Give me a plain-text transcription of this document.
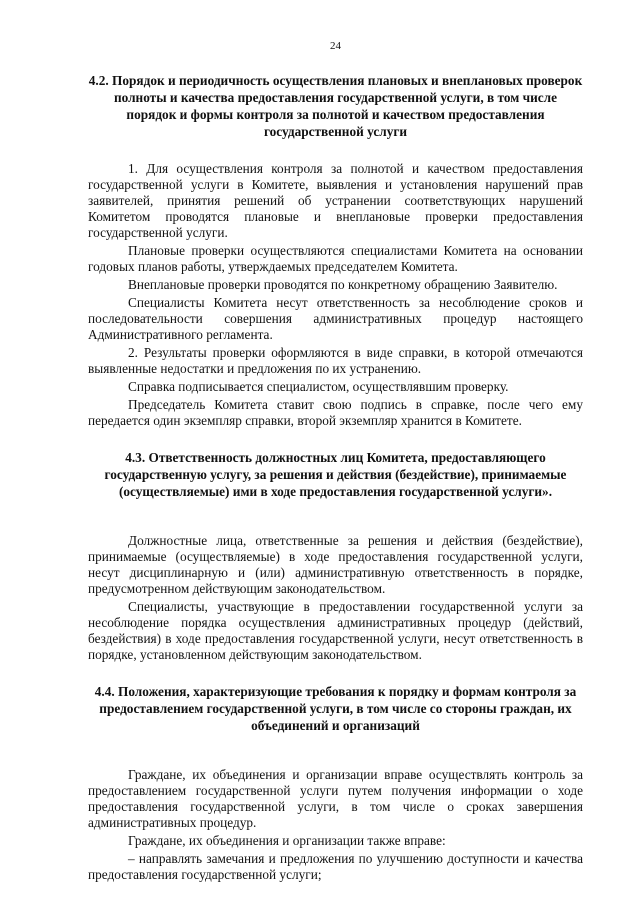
24
4.2. Порядок и периодичность осуществления плановых и внеплановых проверок полноты и качества предоставления государственной услуги, в том числе порядок и формы контроля за полнотой и качеством предоставления государственной услуги

1. Для осуществления контроля за полнотой и качеством предоставления государственной услуги в Комитете, выявления и установления нарушений прав заявителей, принятия решений об устранении соответствующих нарушений Комитетом проводятся плановые и внеплановые проверки предоставления государственной услуги.

Плановые проверки осуществляются специалистами Комитета на основании годовых планов работы, утверждаемых председателем Комитета.

Внеплановые проверки проводятся по конкретному обращению Заявителю.

Специалисты Комитета несут ответственность за несоблюдение сроков и последовательности совершения административных процедур настоящего Административного регламента.

2. Результаты проверки оформляются в виде справки, в которой отмечаются выявленные недостатки и предложения по их устранению.

Справка подписывается специалистом, осуществлявшим проверку.

Председатель Комитета ставит свою подпись в справке, после чего ему передается один экземпляр справки, второй экземпляр хранится в Комитете.

4.3. Ответственность должностных лиц Комитета, предоставляющего государственную услугу, за решения и действия (бездействие), принимаемые (осуществляемые) ими в ходе предоставления государственной услуги».

Должностные лица, ответственные за решения и действия (бездействие), принимаемые (осуществляемые) в ходе предоставления государственной услуги, несут дисциплинарную и (или) административную ответственность в порядке, предусмотренном действующим законодательством.

Специалисты, участвующие в предоставлении государственной услуги за несоблюдение порядка осуществления административных процедур (действий, бездействия) в ходе предоставления государственной услуги, несут ответственность в порядке, установленном действующим законодательством.

4.4. Положения, характеризующие требования к порядку и формам контроля за предоставлением государственной услуги, в том числе со стороны граждан, их объединений и организаций

Граждане, их объединения и организации вправе осуществлять контроль за предоставлением государственной услуги путем получения информации о ходе предоставления государственной услуги, в том числе о сроках завершения административных процедур.

Граждане, их объединения и организации также вправе:

– направлять замечания и предложения по улучшению доступности и качества предоставления государственной услуги;
